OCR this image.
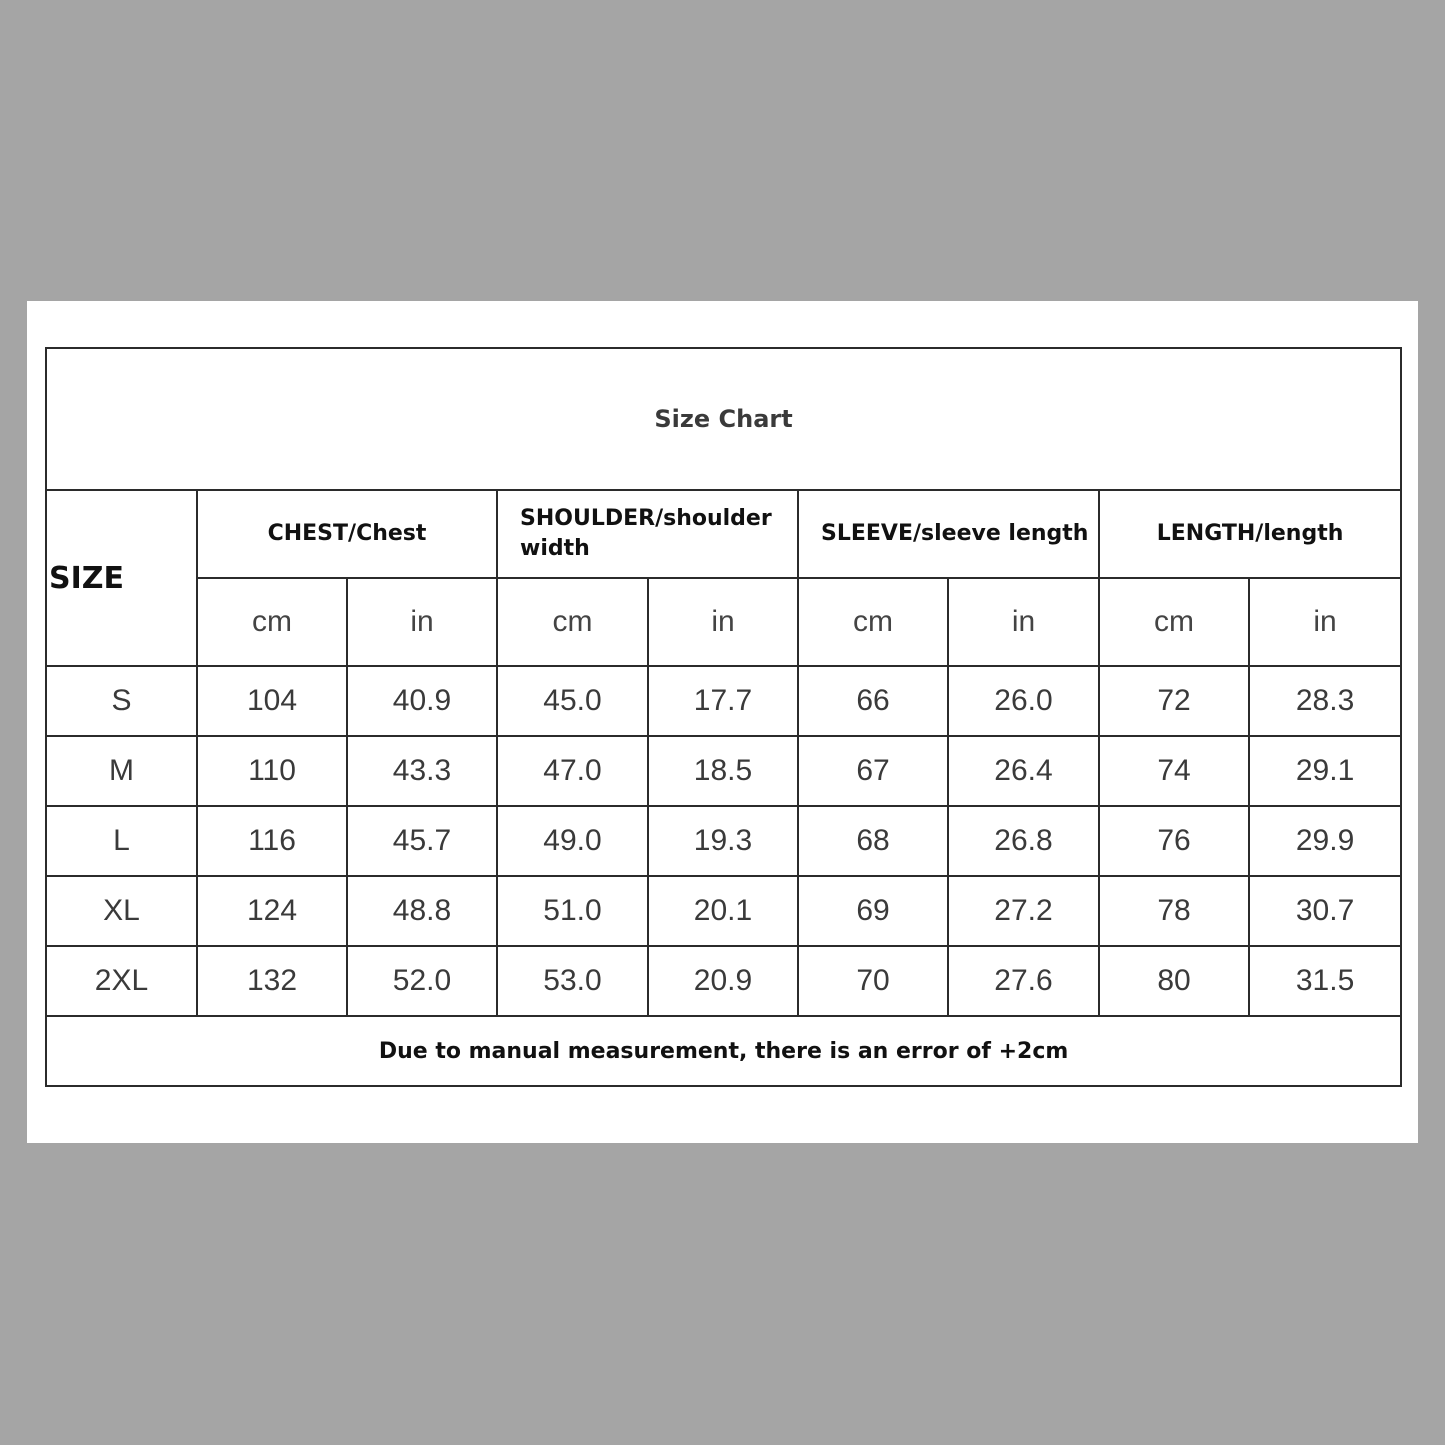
Size Chart								
SIZE	CHEST/Chest		SHOULDER/shoulder width		SLEEVE/sleeve length		LENGTH/length	
	cm	in	cm	in	cm	in	cm	in
S	104	40.9	45.0	17.7	66	26.0	72	28.3
M	110	43.3	47.0	18.5	67	26.4	74	29.1
L	116	45.7	49.0	19.3	68	26.8	76	29.9
XL	124	48.8	51.0	20.1	69	27.2	78	30.7
2XL	132	52.0	53.0	20.9	70	27.6	80	31.5
Due to manual measurement, there is an error of +2cm								
